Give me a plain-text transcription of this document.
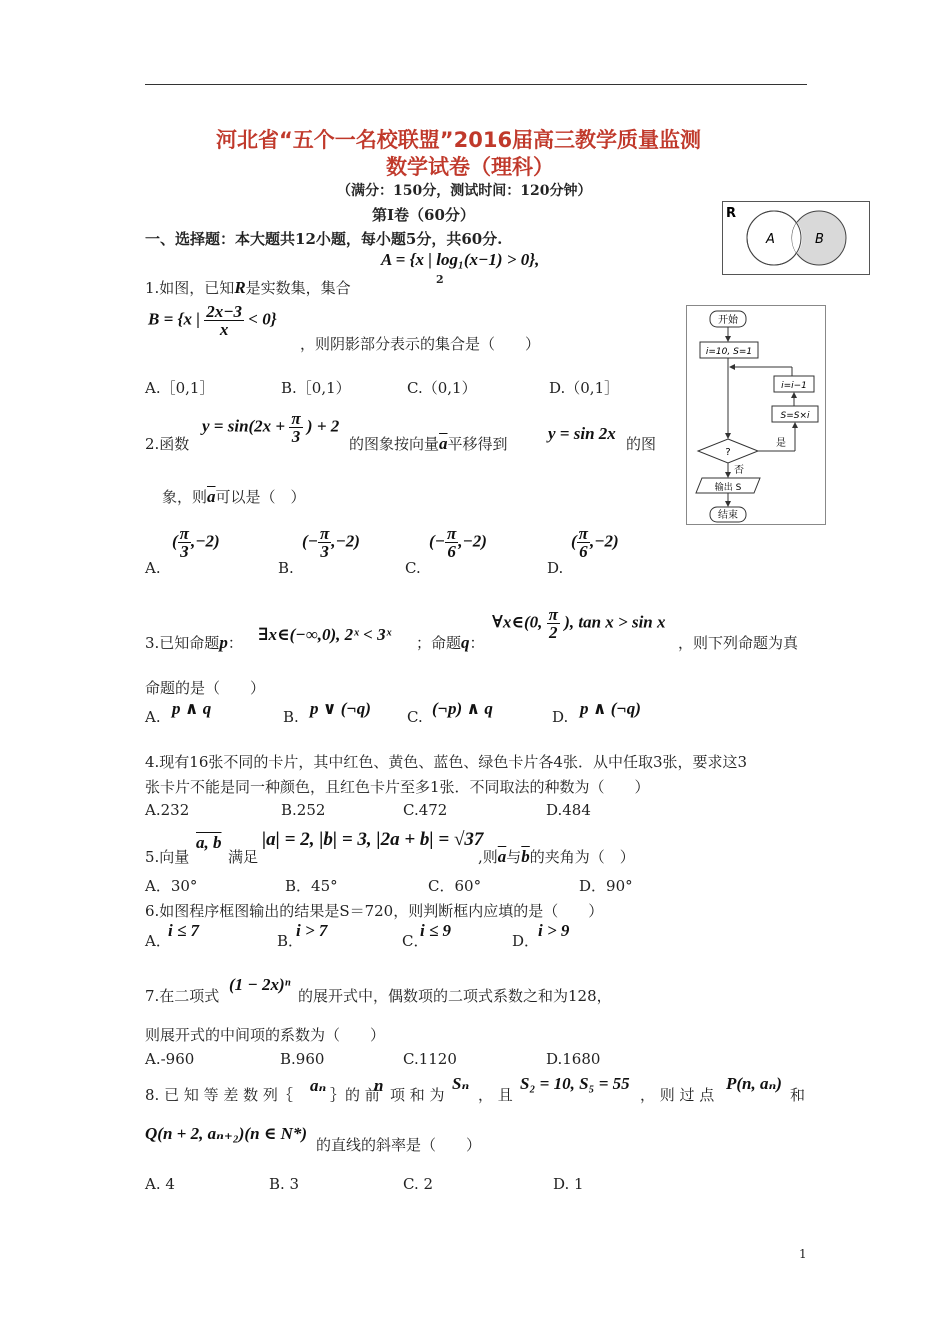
河北省“五个一名校联盟”2016届高三教学质量监测
数学试卷（理科）
（满分：150分，测试时间：120分钟）
第Ⅰ卷（60分）
一、选择题：本大题共12小题，每小题5分，共60分.
R
A	B
开始
i=10, S=1
i=i−1
S=S×i
?
是
否
输出 S
结束
A = {x | log₁(x−1) > 0},
2
1.如图，已知R是实数集，集合
B = {x | $\frac{2x-3}{x} < 0$}
，则阴影部分表示的集合是（　　）
A.［0,1］	B.［0,1）	C.（0,1）	D.（0,1］
2.函数
$y = \sin(2x + \frac{\pi}{3}$ ) + 2
的图象按向量$\overline{a}$平移得到
y = sin 2x
的图
象，则$\overline{a}$可以是（　）
A.
( $\frac{\pi}{3} ,-2$)
B.
(− $\frac{\pi}{3} ,-2$)
C.
(− $\frac{\pi}{6} ,-2$)
D.
( $\frac{\pi}{6} ,-2$)
3.已知命题p： ∃x∈(−∞,0), 2ˣ < 3ˣ ；命题q：
∀x∈(0, $\frac{\pi}{2}$ ), tan x > sin x
，则下列命题为真
命题的是（　　）
A. p ∧ q	B. p ∨ (¬q) C. (¬p) ∧ q	D. p ∧ (¬q)
4.现有16张不同的卡片，其中红色、黄色、蓝色、绿色卡片各4张．从中任取3张，要求这3
张卡片不能是同一种颜色，且红色卡片至多1张．不同取法的种数为（　　）
A.232	B.252	C.472	D.484
5.向量
a, b
满足
|a| = 2, |b| = 3, |2a + b| = √37
,则$\overline{a}$与$\overline{b}$的夹角为（　）
A．30°	B．45°	C．60°	D．90°
6.如图程序框图输出的结果是S＝720，则判断框内应填的是（　　）
A．
i ≤ 7
B．
i > 7
C．
i ≤ 9
D．
i > 9
7.在二项式
(1 − 2x)ⁿ
的展开式中，偶数项的二项式系数之和为128，
则展开式的中间项的系数为（　　）
A.-960	B.960	C.1120	D.1680
8. 已 知 等 差 数 列｛ aₙ ｝的 前
n 项 和 为
Sₙ
， 且
S₂ = 10, S₅ = 55
， 则 过 点
P(n, aₙ)
和
Q(n + 2, aₙ₊₂)(n ∈ N*)
的直线的斜率是（　　）
A. 4	B. 3	C. 2	D. 1
1
